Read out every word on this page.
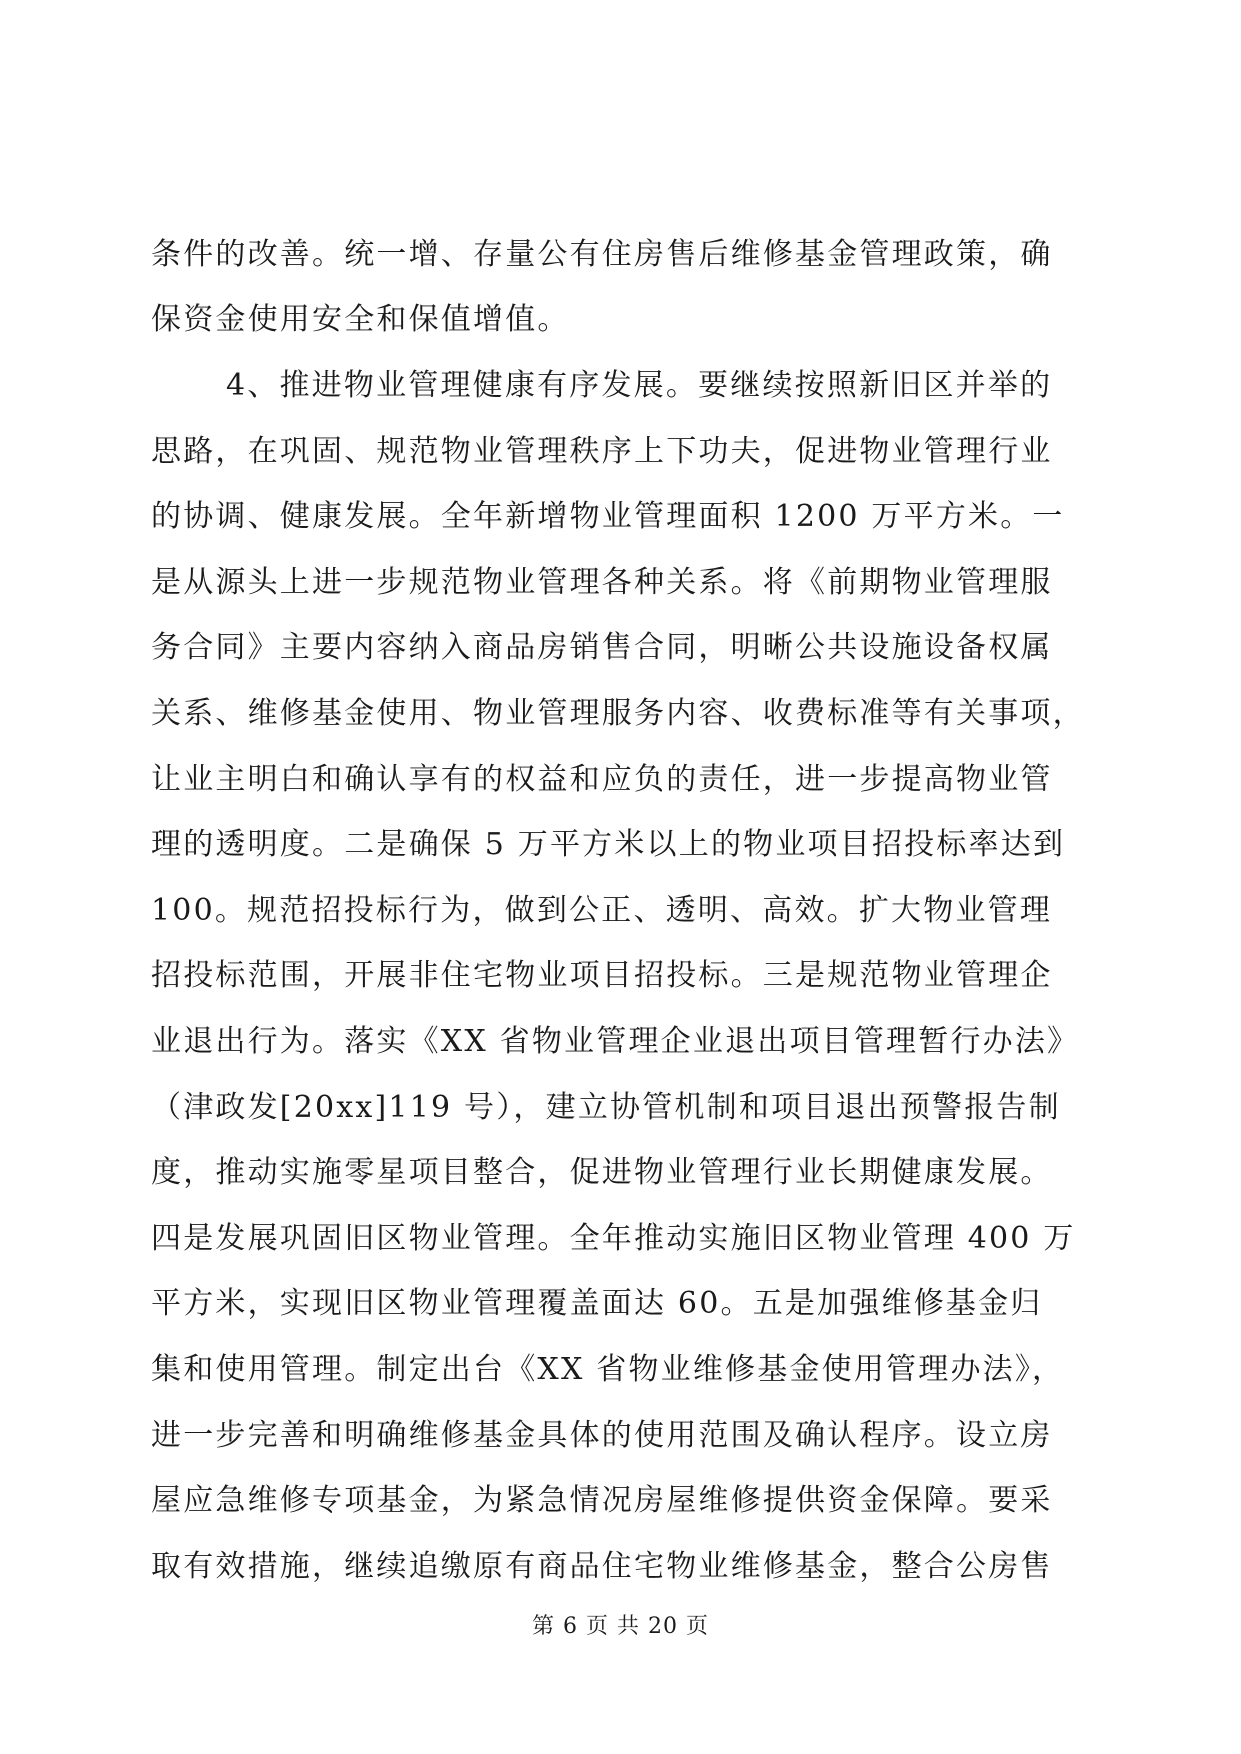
条件的改善。统一增、存量公有住房售后维修基金管理政策，确
保资金使用安全和保值增值。
4、推进物业管理健康有序发展。要继续按照新旧区并举的
思路，在巩固、规范物业管理秩序上下功夫，促进物业管理行业
的协调、健康发展。全年新增物业管理面积 1200 万平方米。一
是从源头上进一步规范物业管理各种关系。将《前期物业管理服
务合同》主要内容纳入商品房销售合同，明晰公共设施设备权属
关系、维修基金使用、物业管理服务内容、收费标准等有关事项，
让业主明白和确认享有的权益和应负的责任，进一步提高物业管
理的透明度。二是确保 5 万平方米以上的物业项目招投标率达到
100。规范招投标行为，做到公正、透明、高效。扩大物业管理
招投标范围，开展非住宅物业项目招投标。三是规范物业管理企
业退出行为。落实《XX 省物业管理企业退出项目管理暂行办法》
（津政发[20xx]119 号），建立协管机制和项目退出预警报告制
度，推动实施零星项目整合，促进物业管理行业长期健康发展。
四是发展巩固旧区物业管理。全年推动实施旧区物业管理 400 万
平方米，实现旧区物业管理覆盖面达 60。五是加强维修基金归
集和使用管理。制定出台《XX 省物业维修基金使用管理办法》，
进一步完善和明确维修基金具体的使用范围及确认程序。设立房
屋应急维修专项基金，为紧急情况房屋维修提供资金保障。要采
取有效措施，继续追缴原有商品住宅物业维修基金，整合公房售
第 6 页 共 20 页
